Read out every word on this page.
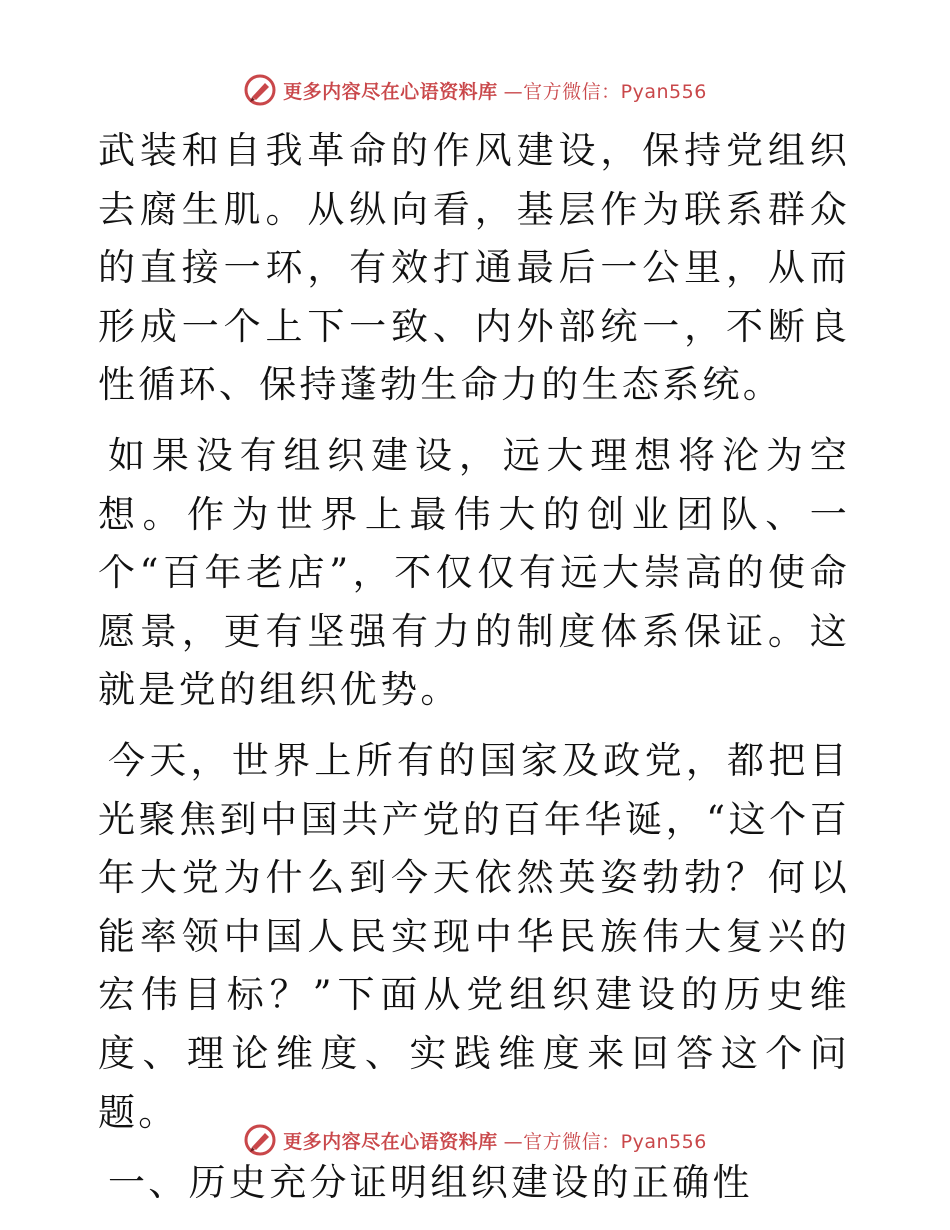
更多内容尽在心语资料库 —官方微信：Pyan556

武装和自我革命的作风建设，保持党组织去腐生肌。从纵向看，基层作为联系群众的直接一环，有效打通最后一公里，从而形成一个上下一致、内外部统一，不断良性循环、保持蓬勃生命力的生态系统。

如果没有组织建设，远大理想将沦为空想。作为世界上最伟大的创业团队、一个“百年老店”，不仅仅有远大崇高的使命愿景，更有坚强有力的制度体系保证。这就是党的组织优势。

今天，世界上所有的国家及政党，都把目光聚焦到中国共产党的百年华诞，“这个百年大党为什么到今天依然英姿勃勃？何以能率领中国人民实现中华民族伟大复兴的宏伟目标？”下面从党组织建设的历史维度、理论维度、实践维度来回答这个问题。

一、历史充分证明组织建设的正确性

更多内容尽在心语资料库 —官方微信：Pyan556
